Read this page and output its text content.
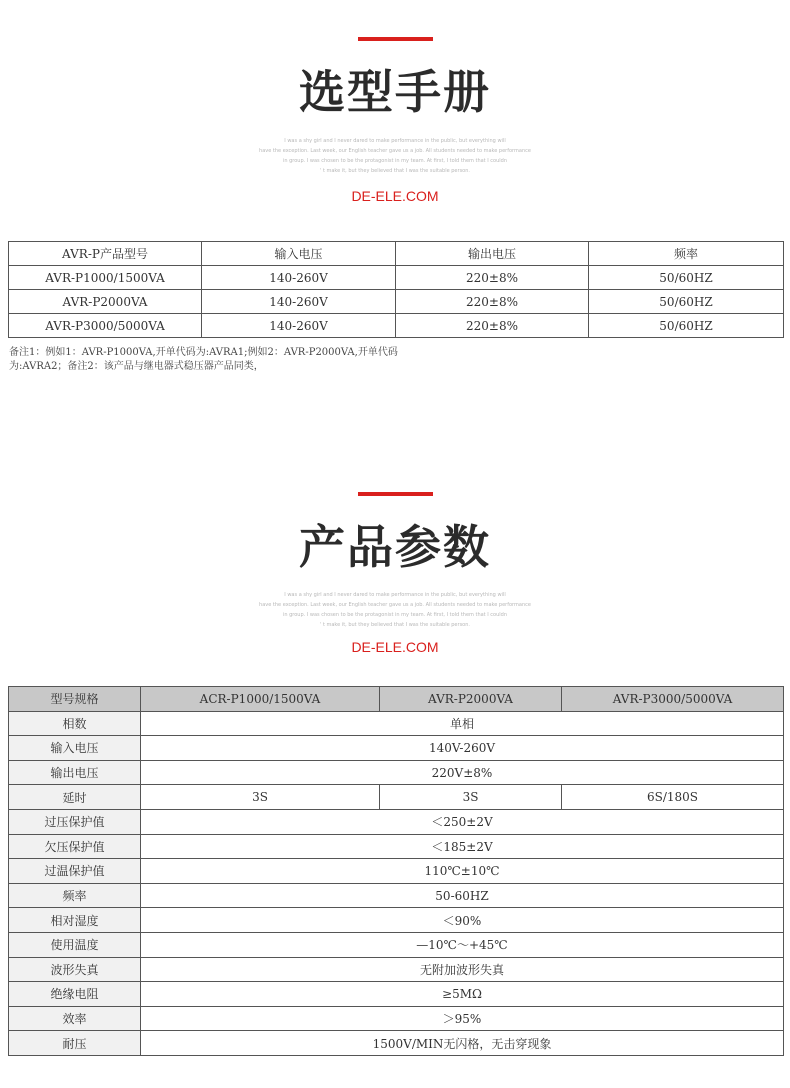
选型手册
I was a shy girl and I never dared to make performance in the public, but everything will
have the exception. Last week, our English teacher gave us a job. All students needed to make performance
in group. I was chosen to be the protagonist in my team. At first, I told them that I couldn
' t make it, but they believed that I was the suitable person.
DE-ELE.COM
AVR-P产品型号	输入电压	输出电压	频率
AVR-P1000/1500VA	140-260V	220±8%	50/60HZ
AVR-P2000VA	140-260V	220±8%	50/60HZ
AVR-P3000/5000VA	140-260V	220±8%	50/60HZ
备注1：例如1：AVR-P1000VA,开单代码为:AVRA1;例如2：AVR-P2000VA,开单代码
为:AVRA2；备注2：该产品与继电器式稳压器产品同类，
产品参数
I was a shy girl and I never dared to make performance in the public, but everything will
have the exception. Last week, our English teacher gave us a job. All students needed to make performance
in group. I was chosen to be the protagonist in my team. At first, I told them that I couldn
' t make it, but they believed that I was the suitable person.
DE-ELE.COM
型号规格	ACR-P1000/1500VA	AVR-P2000VA	AVR-P3000/5000VA
相数	单相		
输入电压	140V-260V		
输出电压	220V±8%		
延时	3S	3S	6S/180S
过压保护值	＜250±2V		
欠压保护值	＜185±2V		
过温保护值	110℃±10℃		
频率	50-60HZ		
相对湿度	＜90%		
使用温度	—10℃～+45℃		
波形失真	无附加波形失真		
绝缘电阻	≥5MΩ		
效率	＞95%		
耐压	1500V/MIN无闪格，无击穿现象		
